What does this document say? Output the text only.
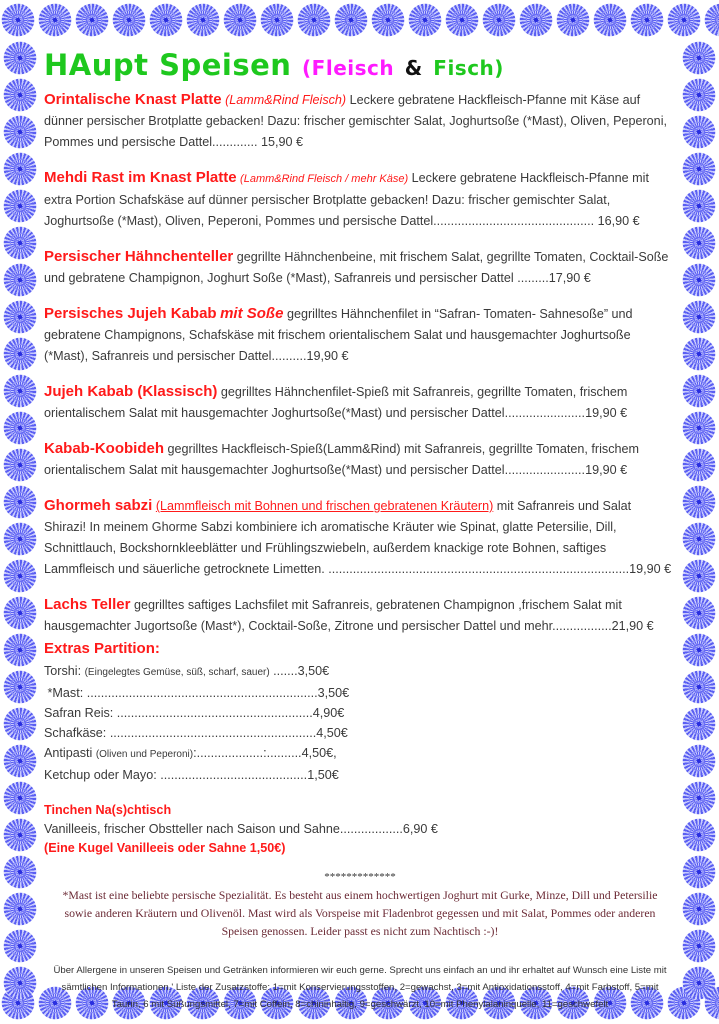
HAupt Speisen (Fleisch & Fisch)
Orintalische Knast Platte (Lamm&Rind Fleisch) Leckere gebratene Hackfleisch-Pfanne mit Käse auf dünner persischer Brotplatte gebacken! Dazu: frischer gemischter Salat, Joghurtsoße (*Mast), Oliven, Peperoni, Pommes und persische Dattel............. 15,90 €
Mehdi Rast im Knast Platte (Lamm&Rind Fleisch / mehr Käse) Leckere gebratene Hackfleisch-Pfanne mit extra Portion Schafskäse auf dünner persischer Brotplatte gebacken! Dazu: frischer gemischter Salat, Joghurtsoße (*Mast), Oliven, Peperoni, Pommes und persische Dattel.............................................. 16,90 €
Persischer Hähnchenteller gegrillte Hähnchenbeine, mit frischem Salat, gegrillte Tomaten, Cocktail-Soße und gebratene Champignon, Joghurt Soße (*Mast), Safranreis und persischer Dattel .........17,90 €
Persisches Jujeh Kabab mit Soße gegrilltes Hähnchenfilet in “Safran- Tomaten- Sahnesoße” und gebratene Champignons, Schafskäse mit frischem orientalischem Salat und hausgemachter Joghurtsoße (*Mast), Safranreis und persischer Dattel..........19,90 €
Jujeh Kabab (Klassisch) gegrilltes Hähnchenfilet-Spieß mit Safranreis, gegrillte Tomaten, frischem orientalischem Salat mit hausgemachter Joghurtsoße(*Mast) und persischer Dattel.......................19,90 €
Kabab-Koobideh gegrilltes Hackfleisch-Spieß(Lamm&Rind) mit Safranreis, gegrillte Tomaten, frischem orientalischem Salat mit hausgemachter Joghurtsoße(*Mast) und persischer Dattel.......................19,90 €
Ghormeh sabzi (Lammfleisch mit Bohnen und frischen gebratenen Kräutern) mit Safranreis und Salat Shirazi! In meinem Ghorme Sabzi kombiniere ich aromatische Kräuter wie Spinat, glatte Petersilie, Dill, Schnittlauch, Bockshornkleeblätter und Frühlingszwiebeln, außerdem knackige rote Bohnen, saftiges Lammfleisch und säuerliche getrocknete Limetten. ......................................................................................19,90 €
Lachs Teller gegrilltes saftiges Lachsfilet mit Safranreis, gebratenen Champignon ,frischem Salat mit hausgemachter Jugortsoße (Mast*), Cocktail-Soße, Zitrone und persischer Dattel und mehr.................21,90 €
Extras Partition:
Torshi: (Eingelegtes Gemüse, süß, scharf, sauer) .......3,50€
*Mast: ..................................................................3,50€
Safran Reis: ........................................................4,90€
Schafkäse: ...........................................................4,50€
Antipasti (Oliven und Peperoni):...................:..........4,50€,
Ketchup oder Mayo: ..........................................1,50€
Tinchen Na(s)chtisch
Vanilleeis, frischer Obstteller nach Saison und Sahne..................6,90 €
(Eine Kugel Vanilleeis oder Sahne 1,50€)
*************
*Mast ist eine beliebte persische Spezialität. Es besteht aus einem hochwertigen Joghurt mit Gurke, Minze, Dill und Petersilie sowie anderen Kräutern und Olivenöl. Mast wird als Vorspeise mit Fladenbrot gegessen und mit Salat, Pommes oder anderen Speisen genossen. Leider passt es nicht zum Nachtisch :-)!
Über Allergene in unseren Speisen und Getränken informieren wir euch gerne. Sprecht uns einfach an und ihr erhaltet auf Wunsch eine Liste mit sämtlichen Informationen.' Liste der Zusatzstoffe: 1=mit Konservierungsstoffen, 2=gewachst, 3=mit Antioxidationsstoff, 4=mit Farbstoff, 5=mit Taurin, 6 mit Süßungsmittel, 7=mit Coffein, 8=chininhaltig, 9=geschwärzt, 10=mit Phenylalaninquelle, 11=geschwefelt
